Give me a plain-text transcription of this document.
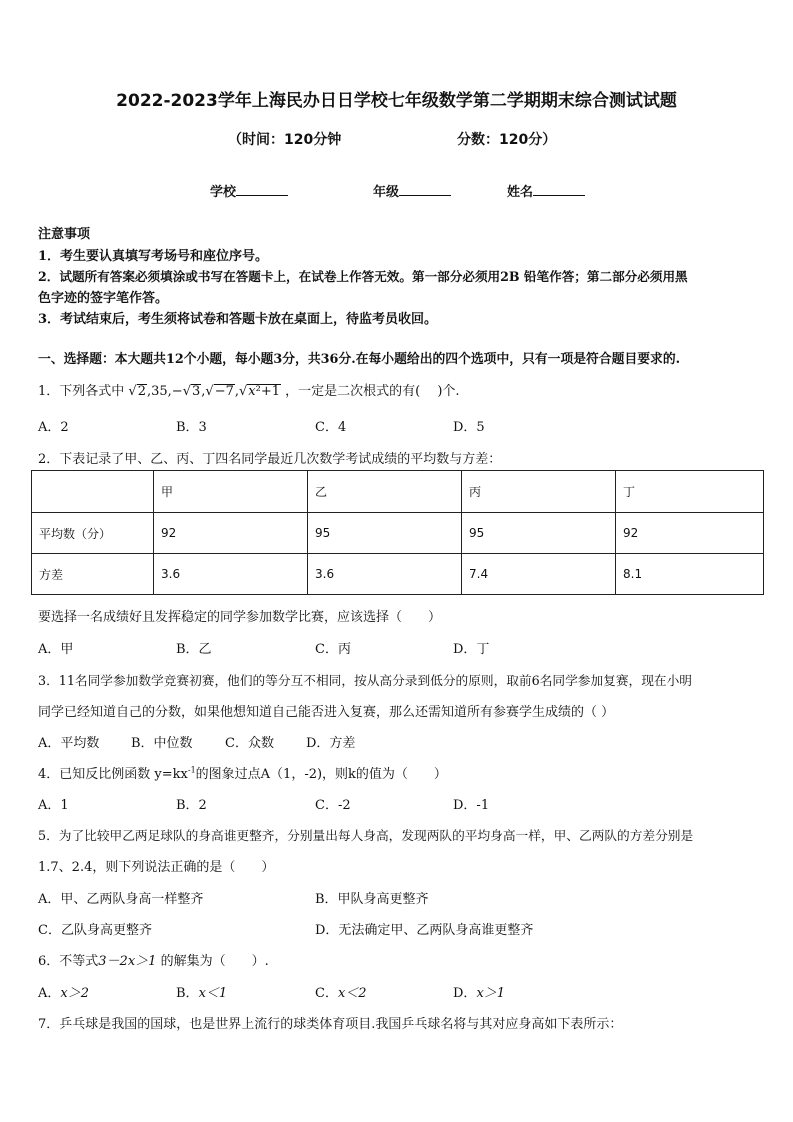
2022-2023学年上海民办日日学校七年级数学第二学期期末综合测试试题
（时间：120分钟	分数：120分）
学校	年级	姓名
注意事项
1．考生要认真填写考场号和座位序号。
2．试题所有答案必须填涂或书写在答题卡上，在试卷上作答无效。第一部分必须用2B 铅笔作答；第二部分必须用黑
色字迹的签字笔作答。
3．考试结束后，考生须将试卷和答题卡放在桌面上，待监考员收回。
一、选择题：本大题共12个小题，每小题3分，共36分.在每小题给出的四个选项中，只有一项是符合题目要求的.
1．下列各式中 √2,35,−√3,√−7,√x²+1 ，一定是二次根式的有(　 )个.
A．2	B．3	C．4	D．5
2．下表记录了甲、乙、丙、丁四名同学最近几次数学考试成绩的平均数与方差：
	甲	乙	丙	丁
平均数（分）	92	95	95	92
方差	3.6	3.6	7.4	8.1
要选择一名成绩好且发挥稳定的同学参加数学比赛，应该选择（　　）
A．甲	B．乙	C．丙	D．丁
3．11名同学参加数学竞赛初赛，他们的等分互不相同，按从高分录到低分的原则，取前6名同学参加复赛，现在小明
同学已经知道自己的分数，如果他想知道自己能否进入复赛，那么还需知道所有参赛学生成绩的（ ）
A．平均数 B．中位数 C．众数 D．方差
4．已知反比例函数 $y=kx^{-1}$的图象过点A（1，-2)，则k的值为（　　）
A．1	B．2	C．-2	D．-1
5．为了比较甲乙两足球队的身高谁更整齐，分别量出每人身高，发现两队的平均身高一样，甲、乙两队的方差分别是
1.7、2.4，则下列说法正确的是（　　）
A．甲、乙两队身高一样整齐	B．甲队身高更整齐
C．乙队身高更整齐	D．无法确定甲、乙两队身高谁更整齐
6．不等式3－2x＞1 的解集为（　　）.
A．x＞2	B．x＜1	C．x＜2	D．x＞1
7．乒乓球是我国的国球，也是世界上流行的球类体育项目.我国乒乓球名将与其对应身高如下表所示：
